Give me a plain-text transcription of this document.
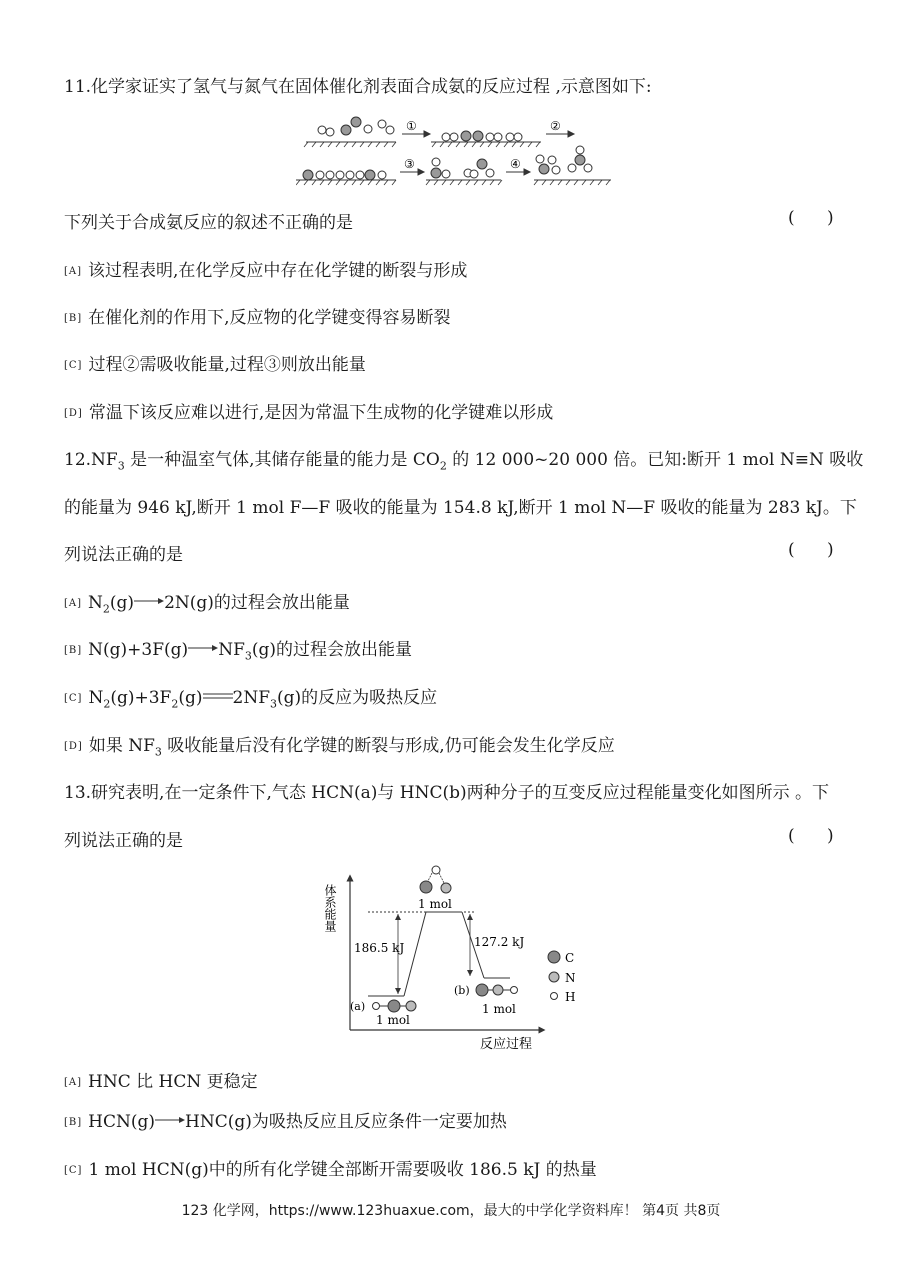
11.化学家证实了氢气与氮气在固体催化剂表面合成氨的反应过程 ,示意图如下:
①	②
③	④
下列关于合成氨反应的叙述不正确的是	(      )
[A] 该过程表明,在化学反应中存在化学键的断裂与形成
[B] 在催化剂的作用下,反应物的化学键变得容易断裂
[C] 过程②需吸收能量,过程③则放出能量
[D] 常温下该反应难以进行,是因为常温下生成物的化学键难以形成
$12.NF_3$ 是一种温室气体,其储存能量的能力是 $CO_2$ 的 12 000~20 000 倍。已知:断开 1 mol N≡N 吸收
的能量为 946 kJ,断开 1 mol F—F 吸收的能量为 154.8 kJ,断开 1 mol N—F 吸收的能量为 283 kJ。下
列说法正确的是	(      )
[A] $N_2(g)\to 2N(g)$的过程会放出能量
[B] $N(g)+3F(g)\to NF_3(g)$的过程会放出能量
[C] $N_2(g)+3F_2(g)$ $2NF_3(g)$的反应为吸热反应
[D] 如果 $NF_3$ 吸收能量后没有化学键的断裂与形成,仍可能会发生化学反应
13.研究表明,在一定条件下,气态 HCN(a)与 HNC(b)两种分子的互变反应过程能量变化如图所示 。下
列说法正确的是	(      )
体系能量
反应过程
186.5 kJ	127.2 kJ
1 mol
(a)
1 mol
(b)
1 mol
C
N
H
[A] HNC 比 HCN 更稳定
[B] HCN(g)→HNC(g)为吸热反应且反应条件一定要加热
[C] 1 mol HCN(g)中的所有化学键全部断开需要吸收 186.5 kJ 的热量
123 化学网，https://www.123huaxue.com，最大的中学化学资料库！ 第4页 共8页
